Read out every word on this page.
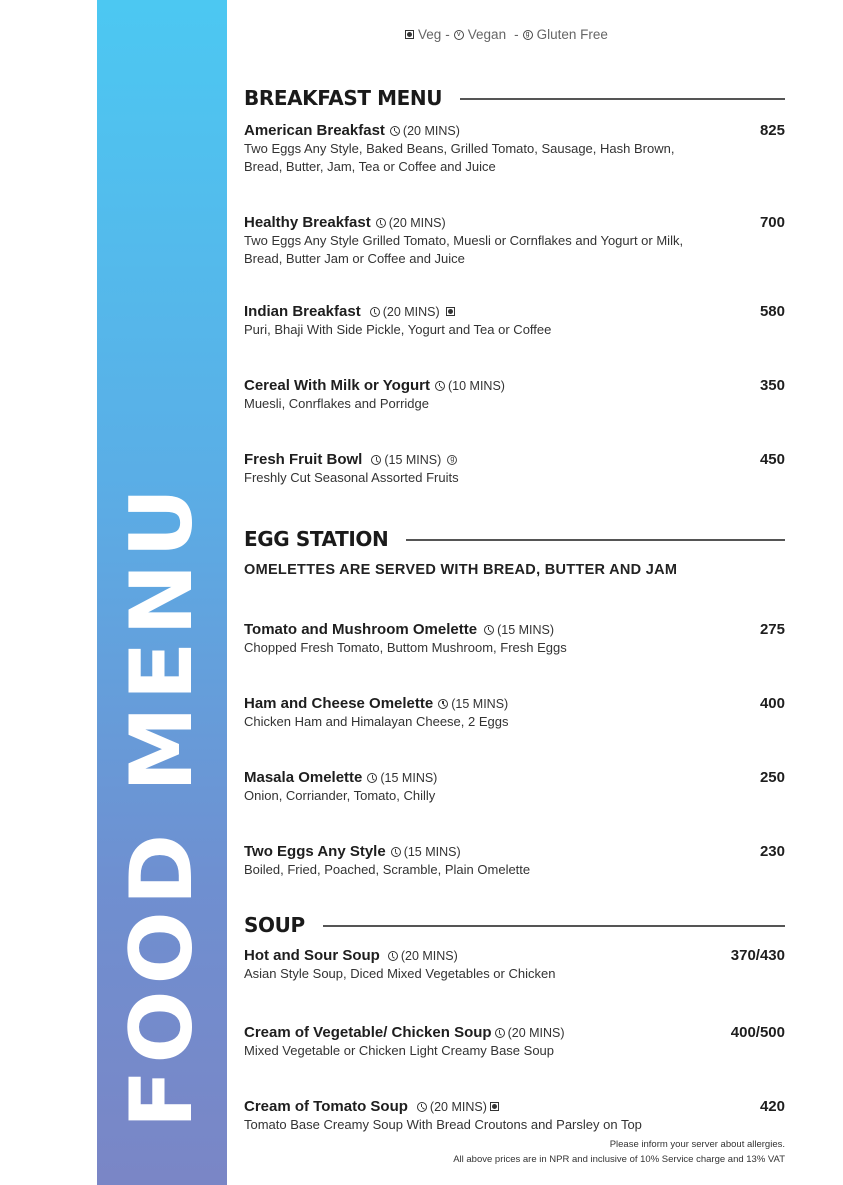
FOOD MENU
Veg -	v Vegan -	g Gluten Free
BREAKFAST MENU
American Breakfast (20 MINS)	825
Two Eggs Any Style, Baked Beans, Grilled Tomato, Sausage, Hash Brown, Bread, Butter, Jam, Tea or Coffee and Juice
Healthy Breakfast (20 MINS)	700
Two Eggs Any Style Grilled Tomato, Muesli or Cornflakes and Yogurt or Milk, Bread, Butter Jam or Coffee and Juice
Indian Breakfast (20 MINS)	580
Puri, Bhaji With Side Pickle, Yogurt and Tea or Coffee
Cereal With Milk or Yogurt (10 MINS)	350
Muesli, Conrflakes and Porridge
Fresh Fruit Bowl (15 MINS)	g	450
Freshly Cut Seasonal Assorted Fruits
EGG STATION
OMELETTES ARE SERVED WITH BREAD, BUTTER AND JAM
Tomato and Mushroom Omelette (15 MINS)	275
Chopped Fresh Tomato, Buttom Mushroom, Fresh Eggs
Ham and Cheese Omelette (15 MINS)	400
Chicken Ham and Himalayan Cheese, 2 Eggs
Masala Omelette (15 MINS)	250
Onion, Corriander, Tomato, Chilly
Two Eggs Any Style (15 MINS)	230
Boiled, Fried, Poached, Scramble, Plain Omelette
SOUP
Hot and Sour Soup (20 MINS)	370/430
Asian Style Soup, Diced Mixed Vegetables or Chicken
Cream of Vegetable/ Chicken Soup (20 MINS)	400/500
Mixed Vegetable or Chicken Light Creamy Base Soup
Cream of Tomato Soup (20 MINS)	420
Tomato Base Creamy Soup With Bread Croutons and Parsley on Top
Please inform your server about allergies.
All above prices are in NPR and inclusive of 10% Service charge and 13% VAT
